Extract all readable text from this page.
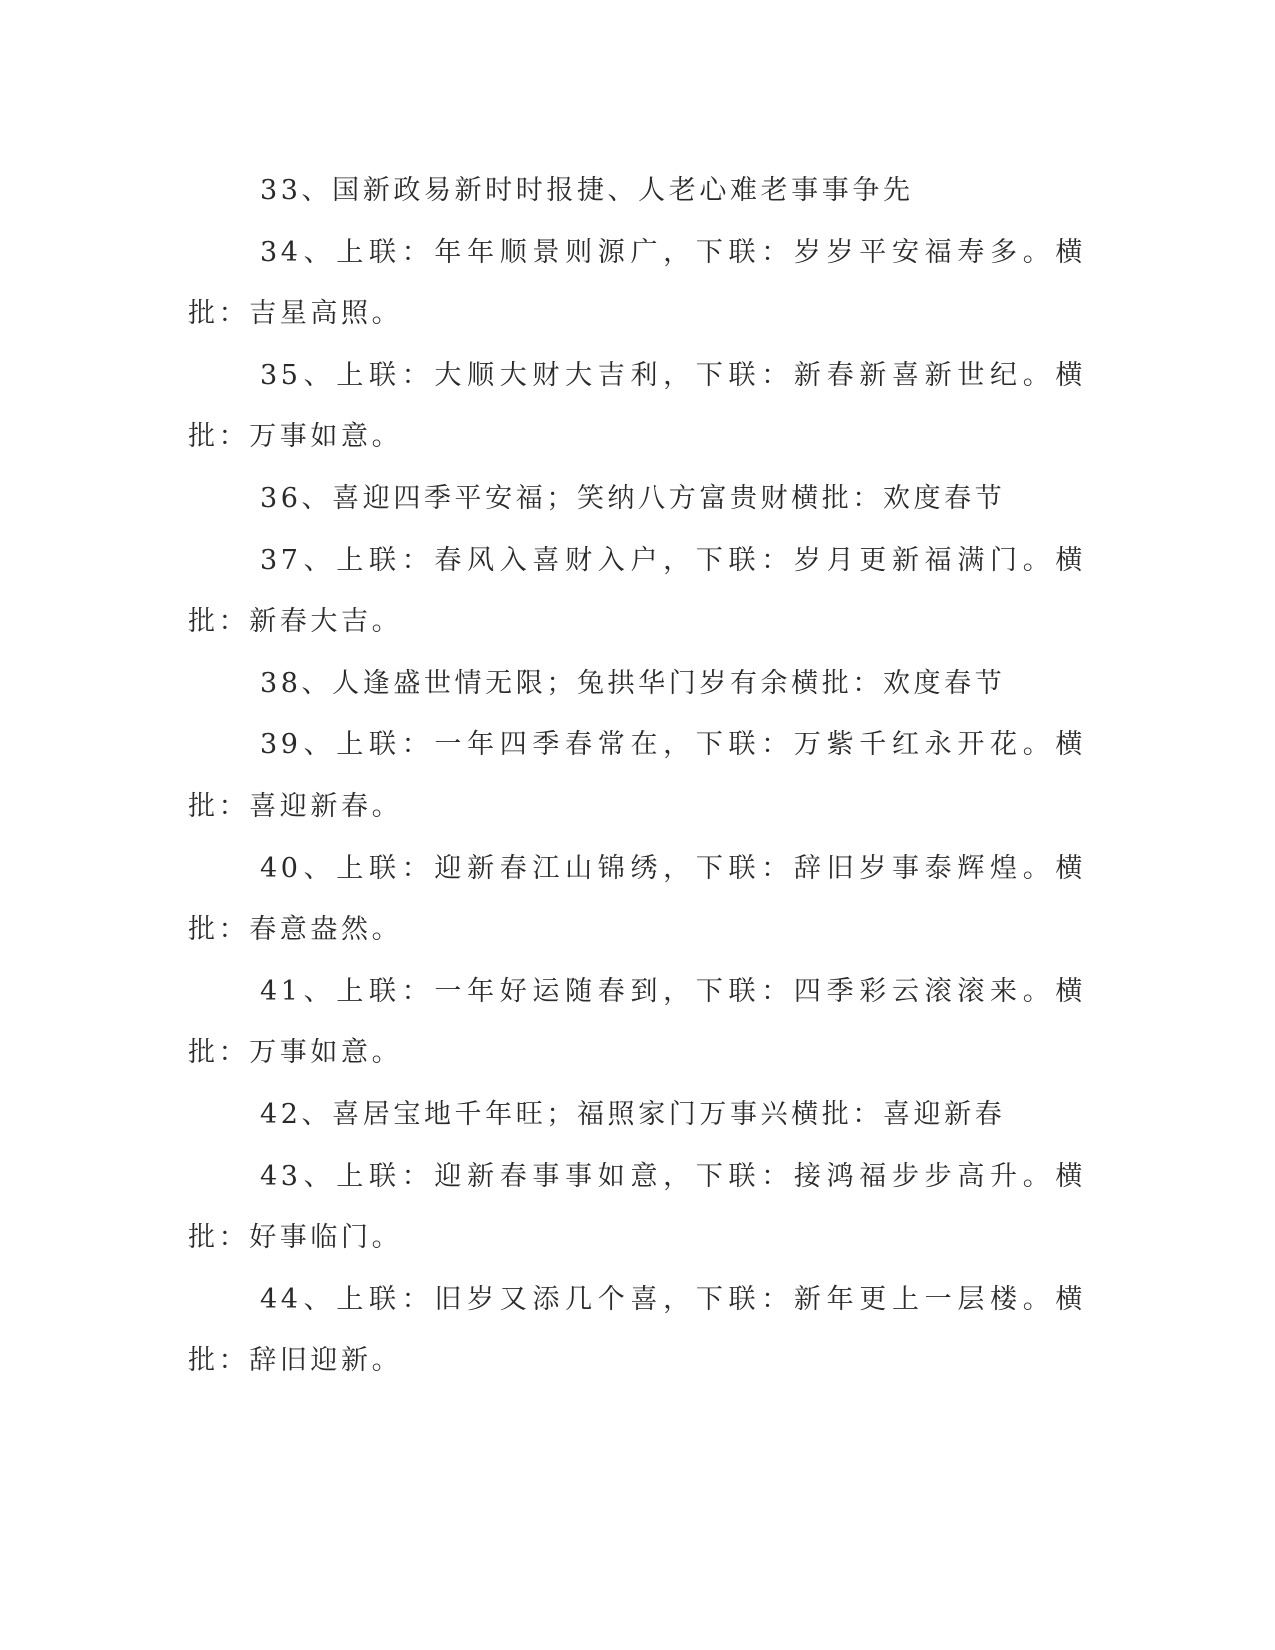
33、国新政易新时时报捷、人老心难老事事争先

34、上联：年年顺景则源广，下联：岁岁平安福寿多。横批：吉星高照。

35、上联：大顺大财大吉利，下联：新春新喜新世纪。横批：万事如意。

36、喜迎四季平安福；笑纳八方富贵财横批：欢度春节

37、上联：春风入喜财入户，下联：岁月更新福满门。横批：新春大吉。

38、人逢盛世情无限；兔拱华门岁有余横批：欢度春节

39、上联：一年四季春常在，下联：万紫千红永开花。横批：喜迎新春。

40、上联：迎新春江山锦绣，下联：辞旧岁事泰辉煌。横批：春意盎然。

41、上联：一年好运随春到，下联：四季彩云滚滚来。横批：万事如意。

42、喜居宝地千年旺；福照家门万事兴横批：喜迎新春

43、上联：迎新春事事如意，下联：接鸿福步步高升。横批：好事临门。

44、上联：旧岁又添几个喜，下联：新年更上一层楼。横批：辞旧迎新。
